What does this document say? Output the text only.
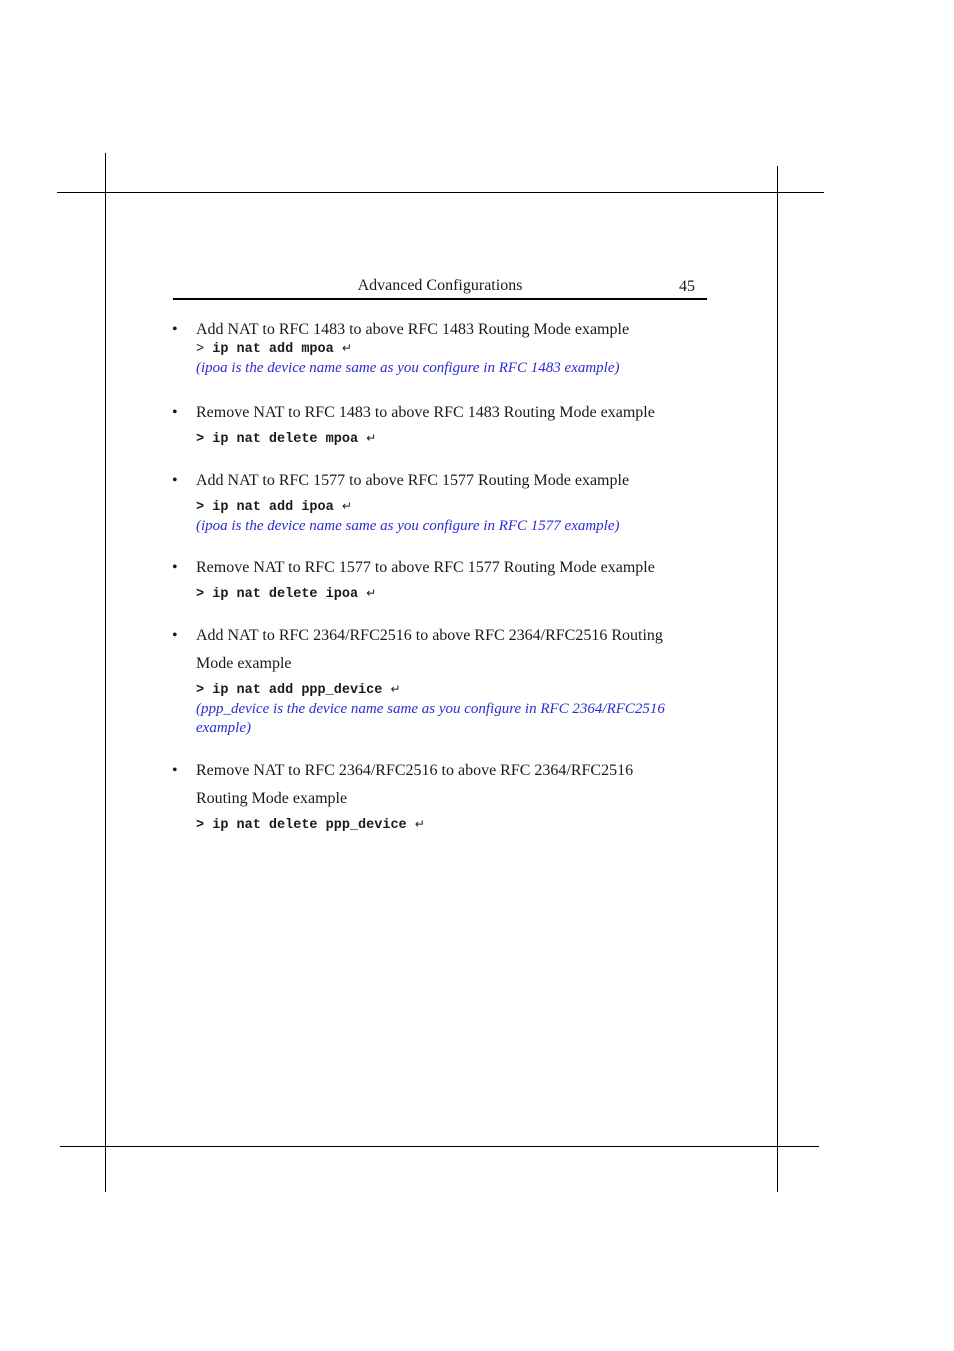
Advanced Configurations	45
• Add NAT to RFC 1483 to above RFC 1483 Routing Mode example
> ip nat add mpoa ↵
(ipoa is the device name same as you configure in RFC 1483 example)
• Remove NAT to RFC 1483 to above RFC 1483 Routing Mode example
> ip nat delete mpoa ↵
• Add NAT to RFC 1577 to above RFC 1577 Routing Mode example
> ip nat add ipoa ↵
(ipoa is the device name same as you configure in RFC 1577 example)
• Remove NAT to RFC 1577 to above RFC 1577 Routing Mode example
> ip nat delete ipoa ↵
• Add NAT to RFC 2364/RFC2516 to above RFC 2364/RFC2516 Routing
Mode example
> ip nat add ppp_device ↵
(ppp_device is the device name same as you configure in RFC 2364/RFC2516
example)
• Remove NAT to RFC 2364/RFC2516 to above RFC 2364/RFC2516
Routing Mode example
> ip nat delete ppp_device ↵
